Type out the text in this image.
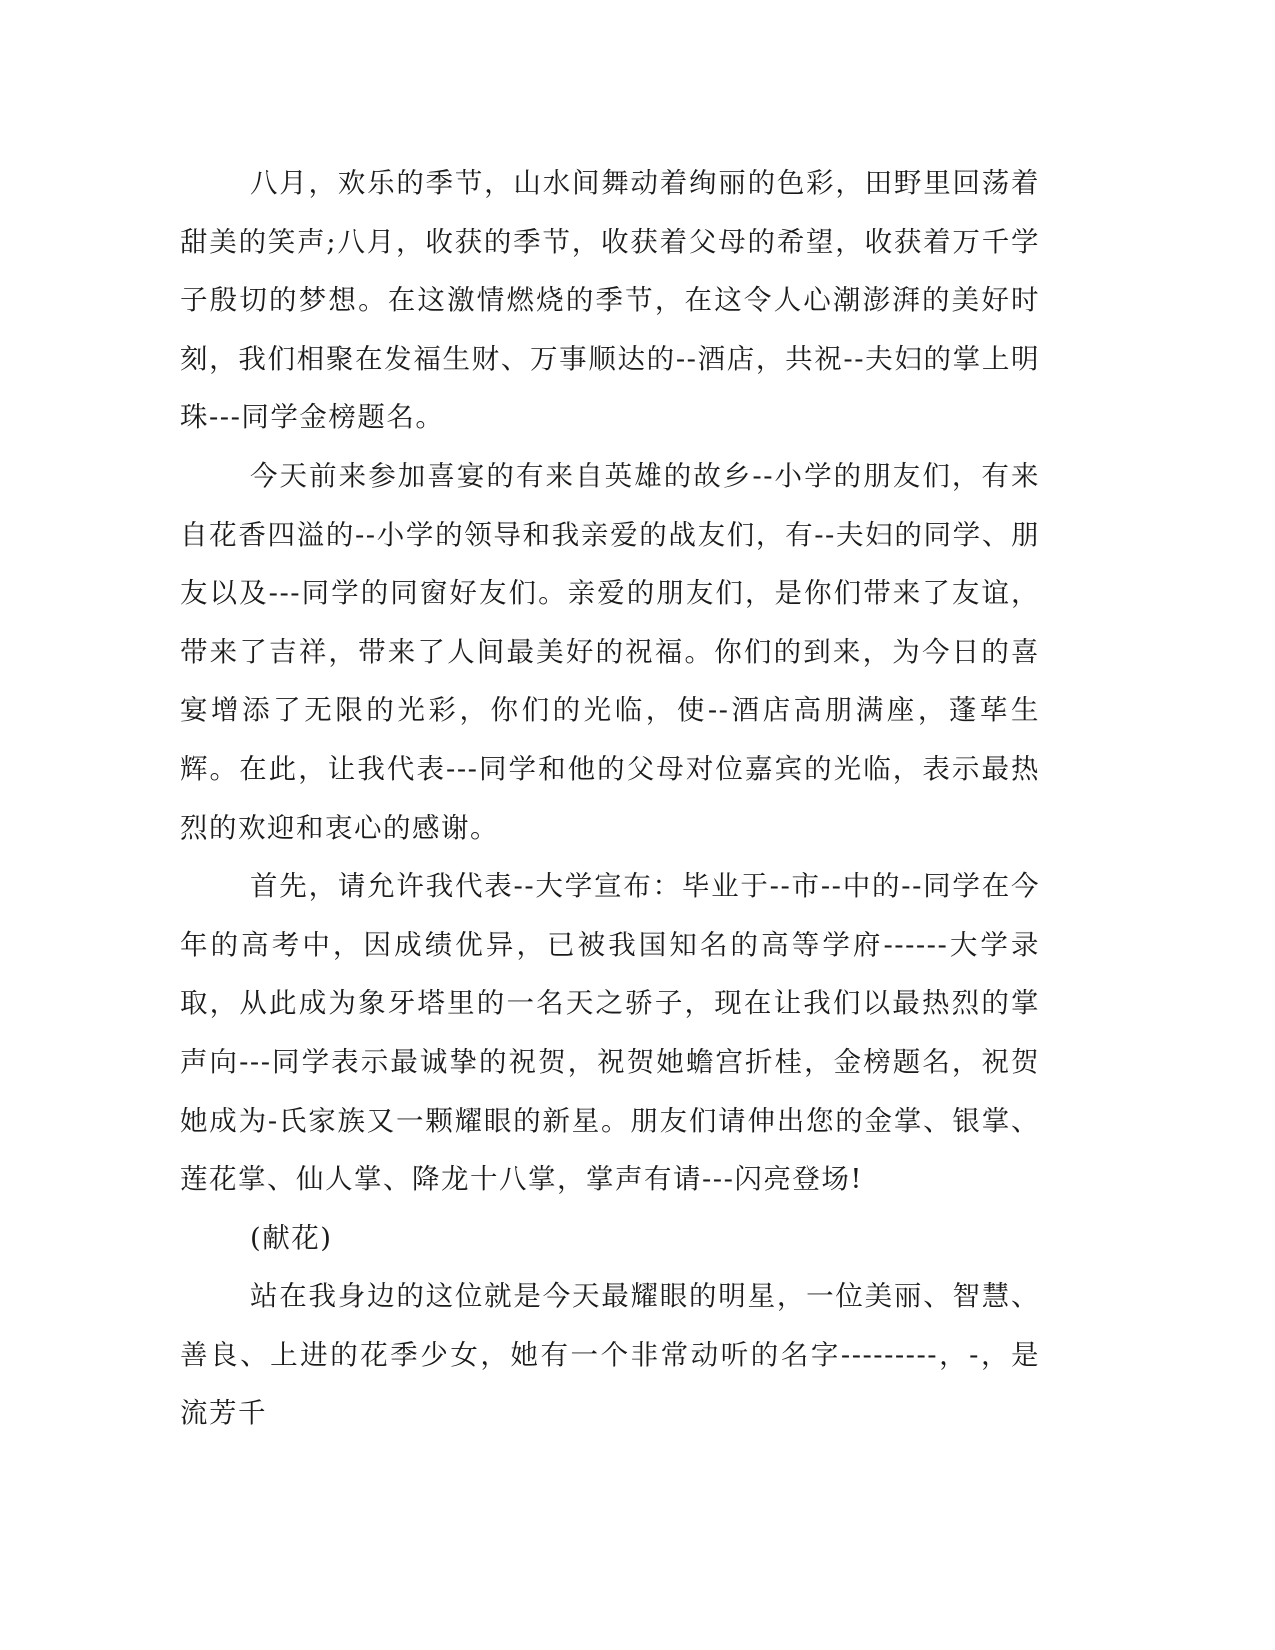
八月，欢乐的季节，山水间舞动着绚丽的色彩，田野里回荡着甜美的笑声;八月，收获的季节，收获着父母的希望，收获着万千学子殷切的梦想。在这激情燃烧的季节，在这令人心潮澎湃的美好时刻，我们相聚在发福生财、万事顺达的--酒店，共祝--夫妇的掌上明珠---同学金榜题名。

今天前来参加喜宴的有来自英雄的故乡--小学的朋友们，有来自花香四溢的--小学的领导和我亲爱的战友们，有--夫妇的同学、朋友以及---同学的同窗好友们。亲爱的朋友们，是你们带来了友谊，带来了吉祥，带来了人间最美好的祝福。你们的到来，为今日的喜宴增添了无限的光彩，你们的光临，使--酒店高朋满座，蓬荜生辉。在此，让我代表---同学和他的父母对位嘉宾的光临，表示最热烈的欢迎和衷心的感谢。

首先，请允许我代表--大学宣布：毕业于--市--中的--同学在今年的高考中，因成绩优异，已被我国知名的高等学府------大学录取，从此成为象牙塔里的一名天之骄子，现在让我们以最热烈的掌声向---同学表示最诚挚的祝贺，祝贺她蟾宫折桂，金榜题名，祝贺她成为-氏家族又一颗耀眼的新星。朋友们请伸出您的金掌、银掌、莲花掌、仙人掌、降龙十八掌，掌声有请---闪亮登场!

(献花)

站在我身边的这位就是今天最耀眼的明星，一位美丽、智慧、善良、上进的花季少女，她有一个非常动听的名字---------，-，是流芳千
